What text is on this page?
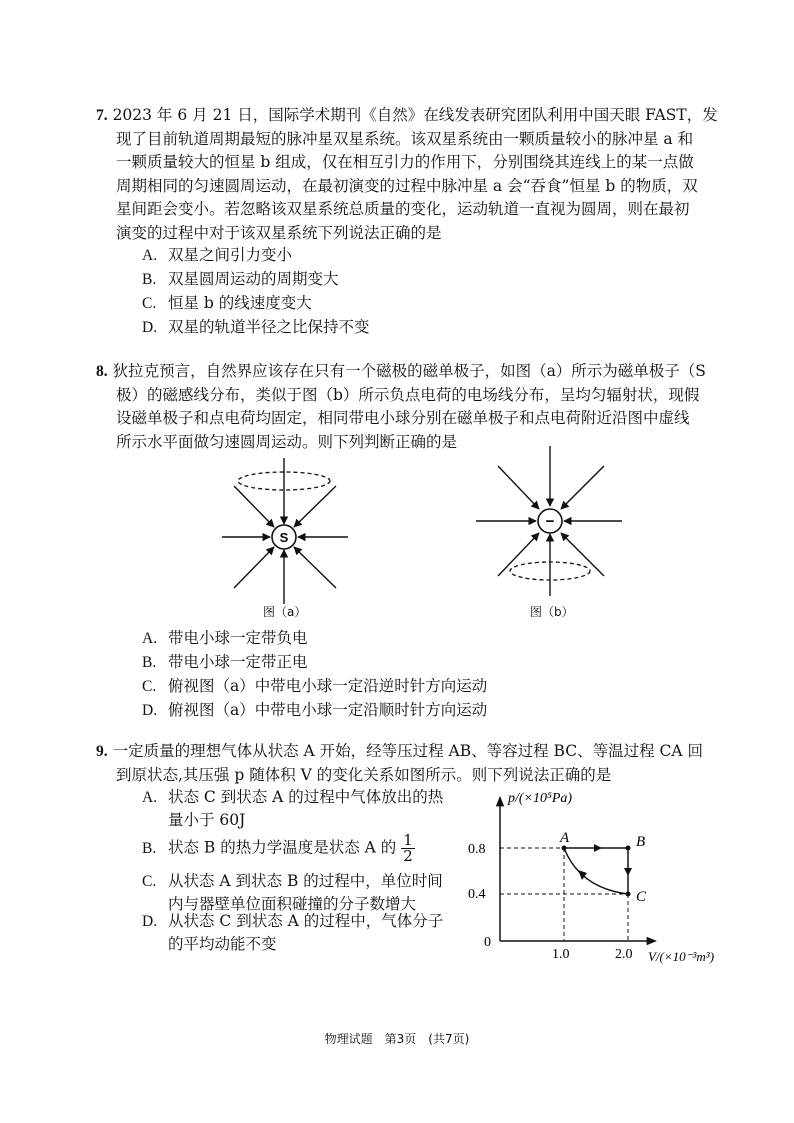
7. 2023 年 6 月 21 日，国际学术期刊《自然》在线发表研究团队利用中国天眼 FAST，发

现了目前轨道周期最短的脉冲星双星系统。该双星系统由一颗质量较小的脉冲星 a 和

一颗质量较大的恒星 b 组成，仅在相互引力的作用下，分别围绕其连线上的某一点做

周期相同的匀速圆周运动，在最初演变的过程中脉冲星 a 会“吞食”恒星 b 的物质，双

星间距会变小。若忽略该双星系统总质量的变化，运动轨道一直视为圆周，则在最初

演变的过程中对于该双星系统下列说法正确的是

A. 双星之间引力变小
B. 双星圆周运动的周期变大
C. 恒星 b 的线速度变大
D. 双星的轨道半径之比保持不变

8. 狄拉克预言，自然界应该存在只有一个磁极的磁单极子，如图（a）所示为磁单极子（S

极）的磁感线分布，类似于图（b）所示负点电荷的电场线分布，呈均匀辐射状，现假

设磁单极子和点电荷均固定，相同带电小球分别在磁单极子和点电荷附近沿图中虚线

所示水平面做匀速圆周运动。则下列判断正确的是

S
图（a）
−
图（b）
A. 带电小球一定带负电
B. 带电小球一定带正电
C. 俯视图（a）中带电小球一定沿逆时针方向运动
D. 俯视图（a）中带电小球一定沿顺时针方向运动

9. 一定质量的理想气体从状态 A 开始，经等压过程 AB、等容过程 BC、等温过程 CA 回

到原状态,其压强 p 随体积 V 的变化关系如图所示。则下列说法正确的是

A. 状态 C 到状态 A 的过程中气体放出的热
量小于 60J
B. 状态 B 的热力学温度是状态 A 的 $\frac{1}{2}$
C. 从状态 A 到状态 B 的过程中，单位时间
内与器壁单位面积碰撞的分子数增大
D. 从状态 C 到状态 A 的过程中，气体分子
的平均动能不变
p/(×10⁵Pa)
V/(×10⁻³m³)
0
0.8
0.4
1.0	2.0
A	B
C
物理试题　第3页　(共7页)
